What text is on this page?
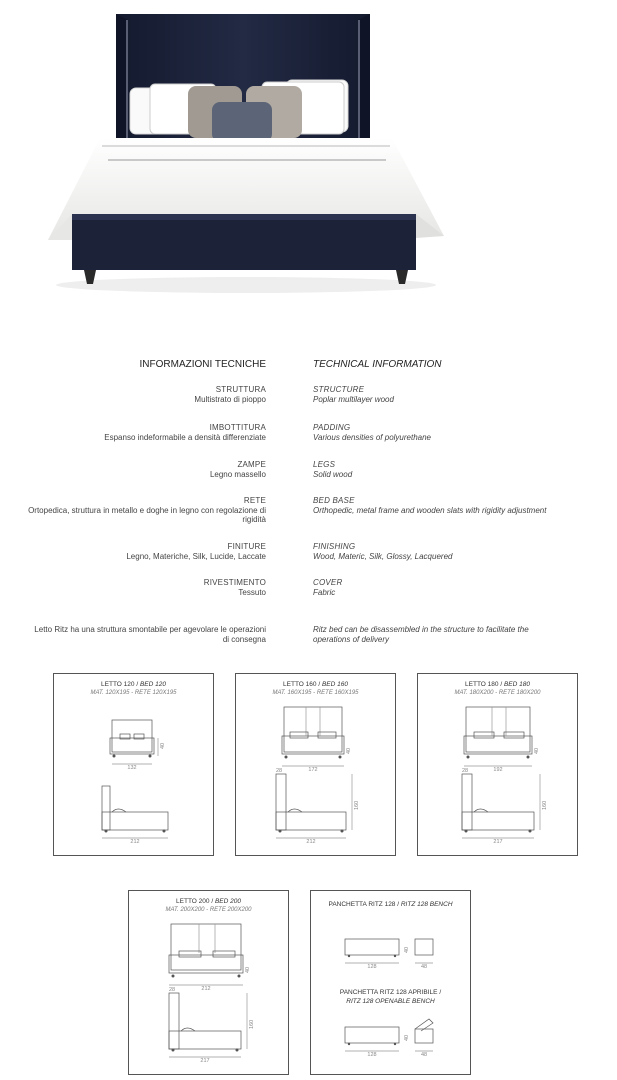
INFORMAZIONI TECNICHE	TECHNICAL INFORMATION
STRUTTURA
Multistrato di pioppo
STRUCTURE
Poplar multilayer wood
IMBOTTITURA
Espanso indeformabile a densità differenziate
PADDING
Various densities of polyurethane
ZAMPE
Legno massello
LEGS
Solid wood
RETE
Ortopedica, struttura in metallo e doghe in legno con regolazione di rigidità
BED BASE
Orthopedic, metal frame and wooden slats with rigidity adjustment
FINITURE
Legno, Materiche, Silk, Lucide, Laccate
FINISHING
Wood, Materic, Silk, Glossy, Lacquered
RIVESTIMENTO
Tessuto
COVER
Fabric
Letto Ritz ha una struttura smontabile per agevolare le operazioni di consegna
Ritz bed can be disassembled in the structure to facilitate the operations of delivery
LETTO 120 / BED 120
MAT. 120X195 - RETE 120X195
132
40
212
LETTO 160 / BED 160
MAT. 160X195 - RETE 160X195
172
40
28
160
212
LETTO 180 / BED 180
MAT. 180X200 - RETE 180X200
192
40
28
160
217
LETTO 200 / BED 200
MAT. 200X200 - RETE 200X200
212
40
28
160
217
PANCHETTA RITZ 128 / RITZ 128 BENCH
PANCHETTA RITZ 128 APRIBILE /
RITZ 128 OPENABLE BENCH
128
40
48
128
40
48
